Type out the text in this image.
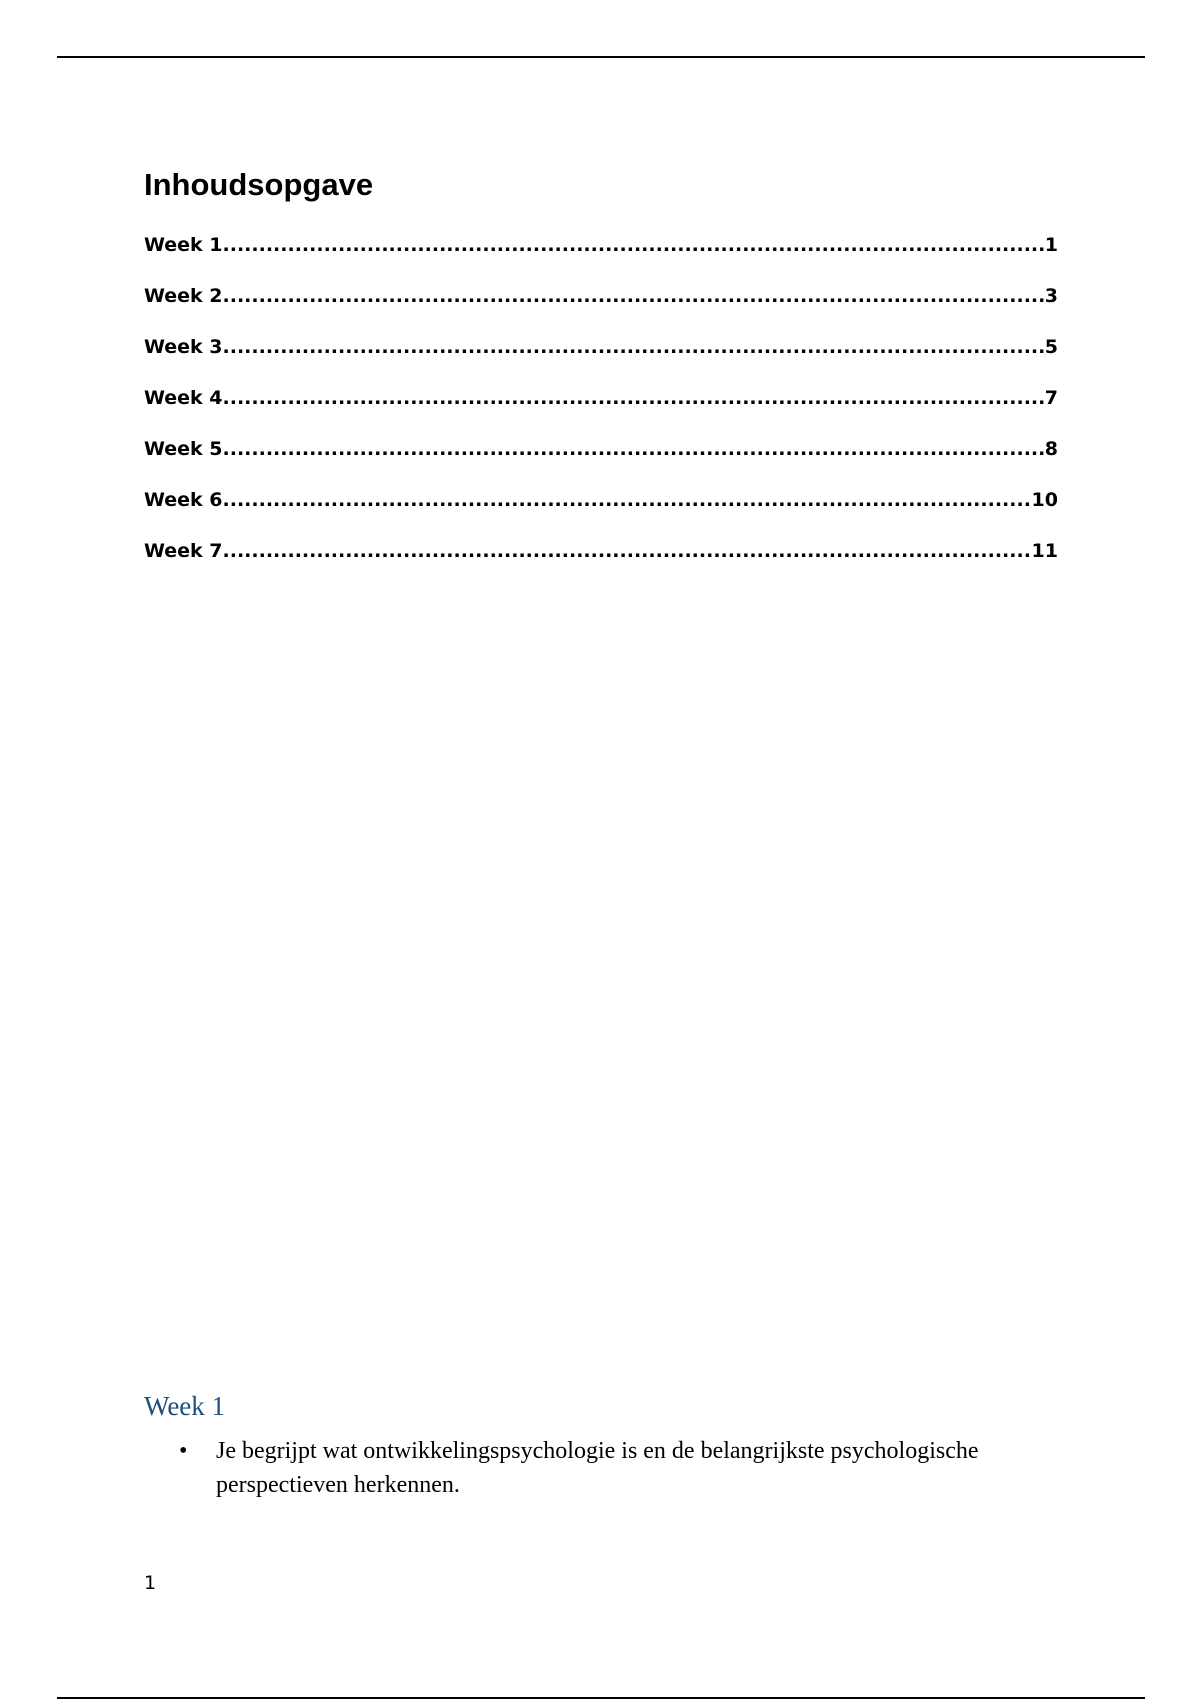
Inhoudsopgave
Week 1 .....	1
Week 2 .....	3
Week 3 .....	5
Week 4 .....	7
Week 5 .....	8
Week 6 .....	10
Week 7 .....	11
Week 1
• Je begrijpt wat ontwikkelingspsychologie is en de belangrijkste psychologische perspectieven herkennen.
1
